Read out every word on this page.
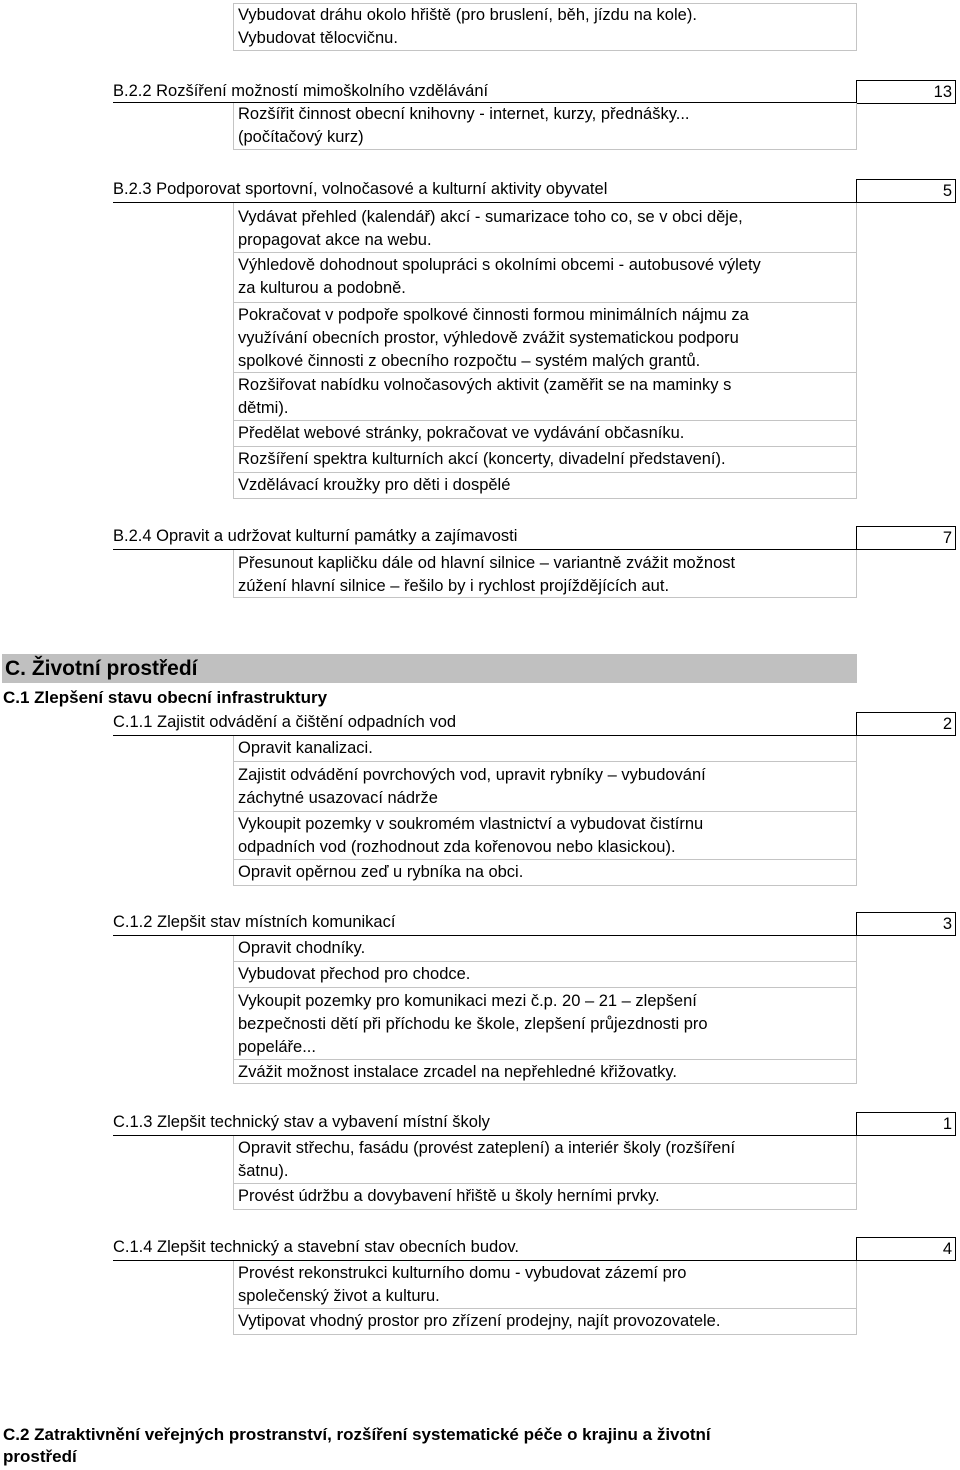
Vybudovat dráhu okolo hřiště (pro bruslení, běh, jízdu na kole).
Vybudovat tělocvičnu.
B.2.2 Rozšíření možností mimoškolního vzdělávání	13
Rozšířit činnost obecní knihovny - internet, kurzy, přednášky...
(počítačový kurz)
B.2.3 Podporovat sportovní, volnočasové a kulturní aktivity obyvatel	5
Vydávat přehled (kalendář) akcí - sumarizace toho co, se v obci děje,
propagovat akce na webu.
Výhledově dohodnout spolupráci s okolními obcemi - autobusové výlety
za kulturou a podobně.
Pokračovat v podpoře spolkové činnosti formou minimálních nájmu za
využívání obecních prostor, výhledově zvážit systematickou podporu
spolkové činnosti z obecního rozpočtu – systém malých grantů.
Rozšiřovat nabídku volnočasových aktivit (zaměřit se na maminky s
dětmi).
Předělat webové stránky, pokračovat ve vydávání občasníku.
Rozšíření spektra kulturních akcí (koncerty, divadelní představení).
Vzdělávací kroužky pro děti i dospělé
B.2.4 Opravit a udržovat kulturní památky a zajímavosti	7
Přesunout kapličku dále od hlavní silnice – variantně zvážit možnost
zúžení hlavní silnice – řešilo by i rychlost projíždějících aut.
C. Životní prostředí
C.1 Zlepšení stavu obecní infrastruktury
C.1.1 Zajistit odvádění a čištění odpadních vod	2
Opravit kanalizaci.
Zajistit odvádění povrchových vod, upravit rybníky – vybudování
záchytné usazovací nádrže
Vykoupit pozemky v soukromém vlastnictví a vybudovat čistírnu
odpadních vod (rozhodnout zda kořenovou nebo klasickou).
Opravit opěrnou zeď u rybníka na obci.
C.1.2 Zlepšit stav místních komunikací	3
Opravit chodníky.
Vybudovat přechod pro chodce.
Vykoupit pozemky pro komunikaci mezi č.p. 20 – 21 – zlepšení
bezpečnosti dětí při příchodu ke škole, zlepšení průjezdnosti pro
popeláře...
Zvážit možnost instalace zrcadel na nepřehledné křižovatky.
C.1.3 Zlepšit technický stav a vybavení místní školy	1
Opravit střechu, fasádu (provést zateplení) a interiér školy (rozšíření
šatnu).
Provést údržbu a dovybavení hřiště u školy herními prvky.
C.1.4 Zlepšit technický a stavební stav obecních budov.	4
Provést rekonstrukci kulturního domu - vybudovat zázemí pro
společenský život a kulturu.
Vytipovat vhodný prostor pro zřízení prodejny, najít provozovatele.
C.2 Zatraktivnění veřejných prostranství, rozšíření systematické péče o krajinu a životní
prostředí
